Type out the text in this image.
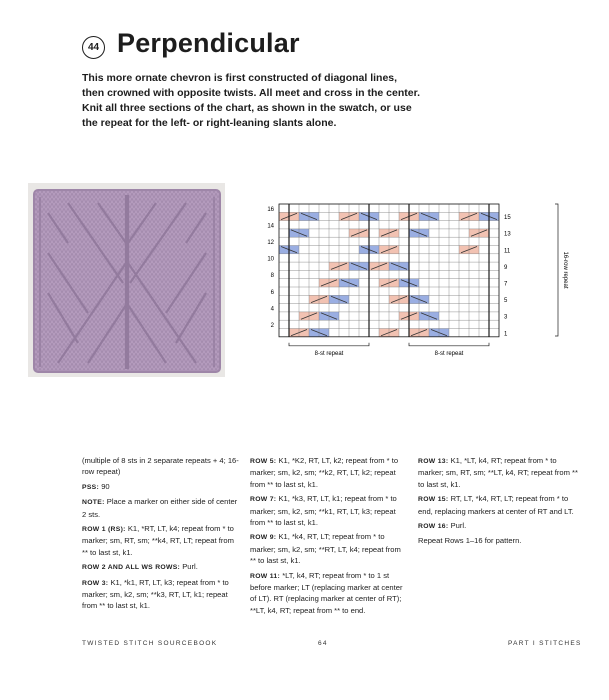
44 Perpendicular
This more ornate chevron is first constructed of diagonal lines, then crowned with opposite twists. All meet and cross in the center. Knit all three sections of the chart, as shown in the swatch, or use the repeat for the left- or right-leaning slants alone.
16
14
12
10
8
6
4
2
15
13
11
9
7
5
3
1
8-st repeat	8-st repeat
16-row repeat

(multiple of 8 sts in 2 separate repeats + 4; 16-row repeat)

PSS: 90

NOTE: Place a marker on either side of center 2 sts.

ROW 1 (RS): K1, *RT, LT, k4; repeat from * to marker; sm, RT, sm; **k4, RT, LT; repeat from ** to last st, k1.

ROW 2 AND ALL WS ROWS: Purl.

ROW 3: K1, *k1, RT, LT, k3; repeat from * to marker; sm, k2, sm; **k3, RT, LT, k1; repeat from ** to last st, k1.

ROW 5: K1, *K2, RT, LT, k2; repeat from * to marker; sm, k2, sm; **k2, RT, LT, k2; repeat from ** to last st, k1.

ROW 7: K1, *k3, RT, LT, k1; repeat from * to marker; sm, k2, sm; **k1, RT, LT, k3; repeat from ** to last st, k1.

ROW 9: K1, *k4, RT, LT; repeat from * to marker; sm, k2, sm; **RT, LT, k4; repeat from ** to last st, k1.

ROW 11: *LT, k4, RT; repeat from * to 1 st before marker; LT (replacing marker at center of LT). RT (replacing marker at center of RT); **LT, k4, RT; repeat from ** to end.

ROW 13: K1, *LT, k4, RT; repeat from * to marker; sm, RT, sm; **LT, k4, RT; repeat from ** to last st, k1.

ROW 15: RT, LT, *k4, RT, LT; repeat from * to end, replacing markers at center of RT and LT.

ROW 16: Purl.

Repeat Rows 1–16 for pattern.

TWISTED STITCH SOURCEBOOK	64	PART I STITCHES
